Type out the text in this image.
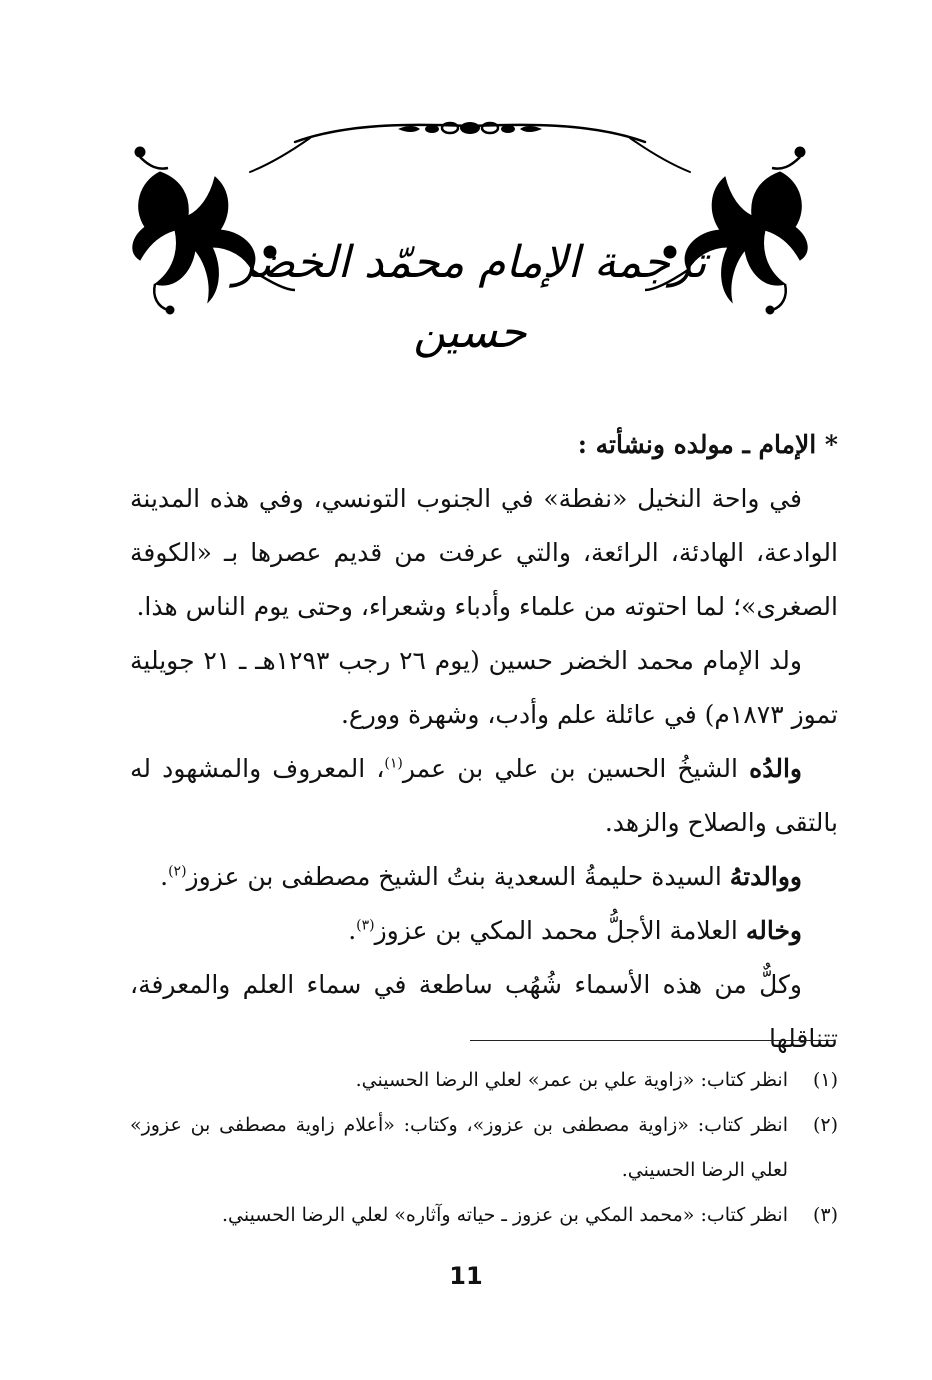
ترجمة الإمام محمّد الخضر حسين

* الإمام ـ مولده ونشأته :

في واحة النخيل «نفطة» في الجنوب التونسي، وفي هذه المدينة الوادعة، الهادئة، الرائعة، والتي عرفت من قديم عصرها بـ «الكوفة الصغرى»؛ لما احتوته من علماء وأدباء وشعراء، وحتى يوم الناس هذا.

ولد الإمام محمد الخضر حسين (يوم ٢٦ رجب ١٢٩٣هـ ـ ٢١ جويلية تموز ١٨٧٣م) في عائلة علم وأدب، وشهرة وورع.

والدُه الشيخُ الحسين بن علي بن عمر$^{(١)}$، المعروف والمشهود له بالتقى والصلاح والزهد.

ووالدتهُ السيدة حليمةُ السعدية بنتُ الشيخ مصطفى بن عزوز$^{(٢)}$.

وخاله العلامة الأجلُّ محمد المكي بن عزوز$^{(٣)}$.

وكلٌّ من هذه الأسماء شُهُب ساطعة في سماء العلم والمعرفة، تتناقلها

(١)
انظر كتاب: «زاوية علي بن عمر» لعلي الرضا الحسيني.
(٢)
انظر كتاب: «زاوية مصطفى بن عزوز»، وكتاب: «أعلام زاوية مصطفى بن عزوز» لعلي الرضا الحسيني.
(٣)
انظر كتاب: «محمد المكي بن عزوز ـ حياته وآثاره» لعلي الرضا الحسيني.
11
